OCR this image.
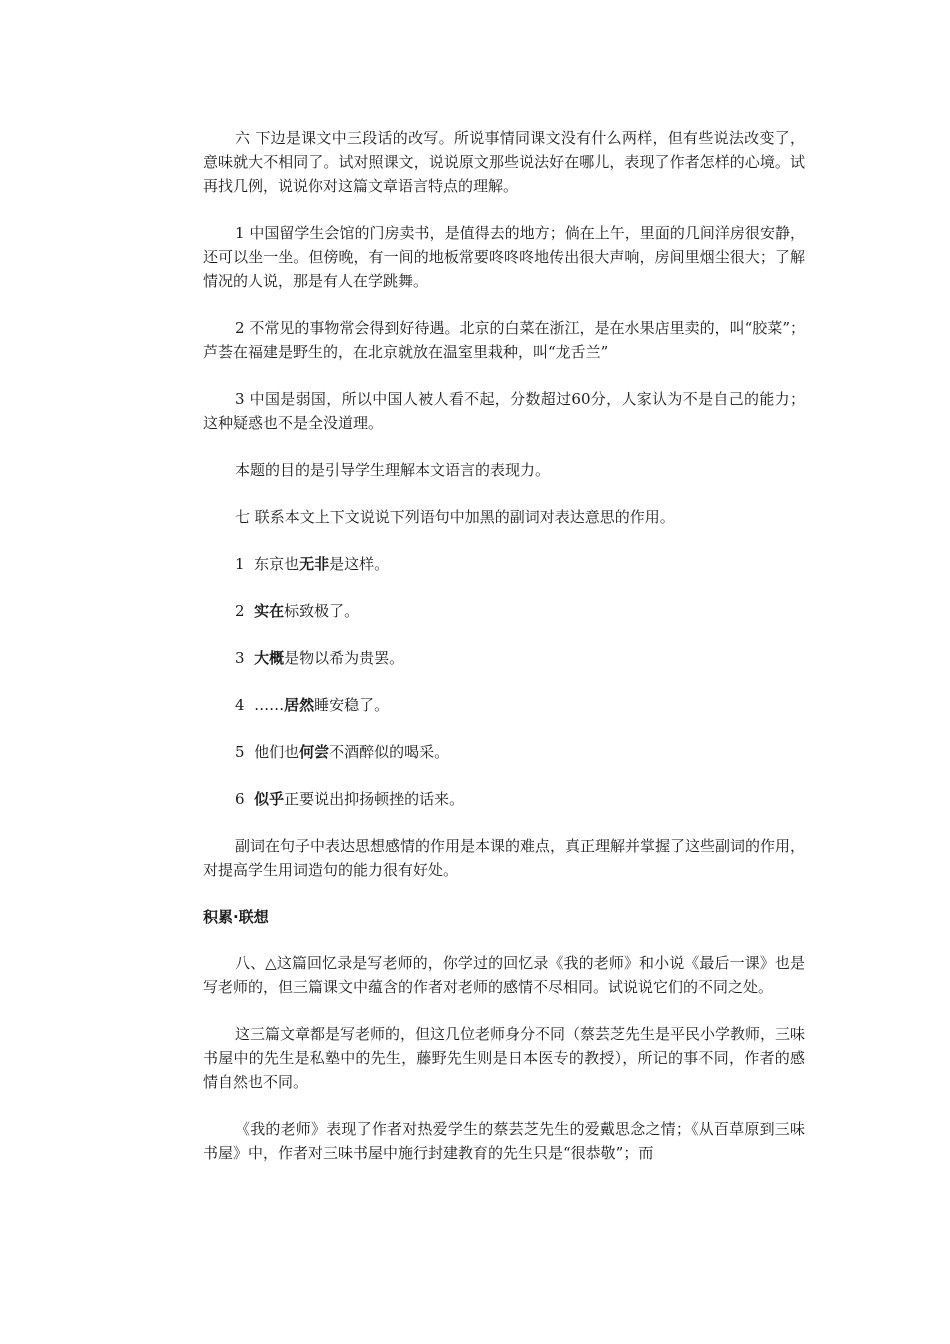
六 下边是课文中三段话的改写。所说事情同课文没有什么两样，但有些说法改变了，意味就大不相同了。试对照课文，说说原文那些说法好在哪儿，表现了作者怎样的心境。试再找几例，说说你对这篇文章语言特点的理解。

1 中国留学生会馆的门房卖书，是值得去的地方；倘在上午，里面的几间洋房很安静，还可以坐一坐。但傍晚，有一间的地板常要咚咚咚地传出很大声响，房间里烟尘很大；了解情况的人说，那是有人在学跳舞。

2 不常见的事物常会得到好待遇。北京的白菜在浙江，是在水果店里卖的，叫“胶菜”；芦荟在福建是野生的，在北京就放在温室里栽种，叫“龙舌兰”

3 中国是弱国，所以中国人被人看不起，分数超过60分，人家认为不是自己的能力；这种疑惑也不是全没道理。

本题的目的是引导学生理解本文语言的表现力。

七 联系本文上下文说说下列语句中加黑的副词对表达意思的作用。

1 东京也无非是这样。

2 实在标致极了。

3 大概是物以希为贵罢。

4 ……居然睡安稳了。

5 他们也何尝不酒醉似的喝采。

6 似乎正要说出抑扬顿挫的话来。

副词在句子中表达思想感情的作用是本课的难点，真正理解并掌握了这些副词的作用，对提高学生用词造句的能力很有好处。

积累·联想

八、△这篇回忆录是写老师的，你学过的回忆录《我的老师》和小说《最后一课》也是写老师的，但三篇课文中蕴含的作者对老师的感情不尽相同。试说说它们的不同之处。

这三篇文章都是写老师的，但这几位老师身分不同（蔡芸芝先生是平民小学教师，三味书屋中的先生是私塾中的先生，藤野先生则是日本医专的教授），所记的事不同，作者的感情自然也不同。

《我的老师》表现了作者对热爱学生的蔡芸芝先生的爱戴思念之情；《从百草原到三味书屋》中，作者对三味书屋中施行封建教育的先生只是“很恭敬”；而
